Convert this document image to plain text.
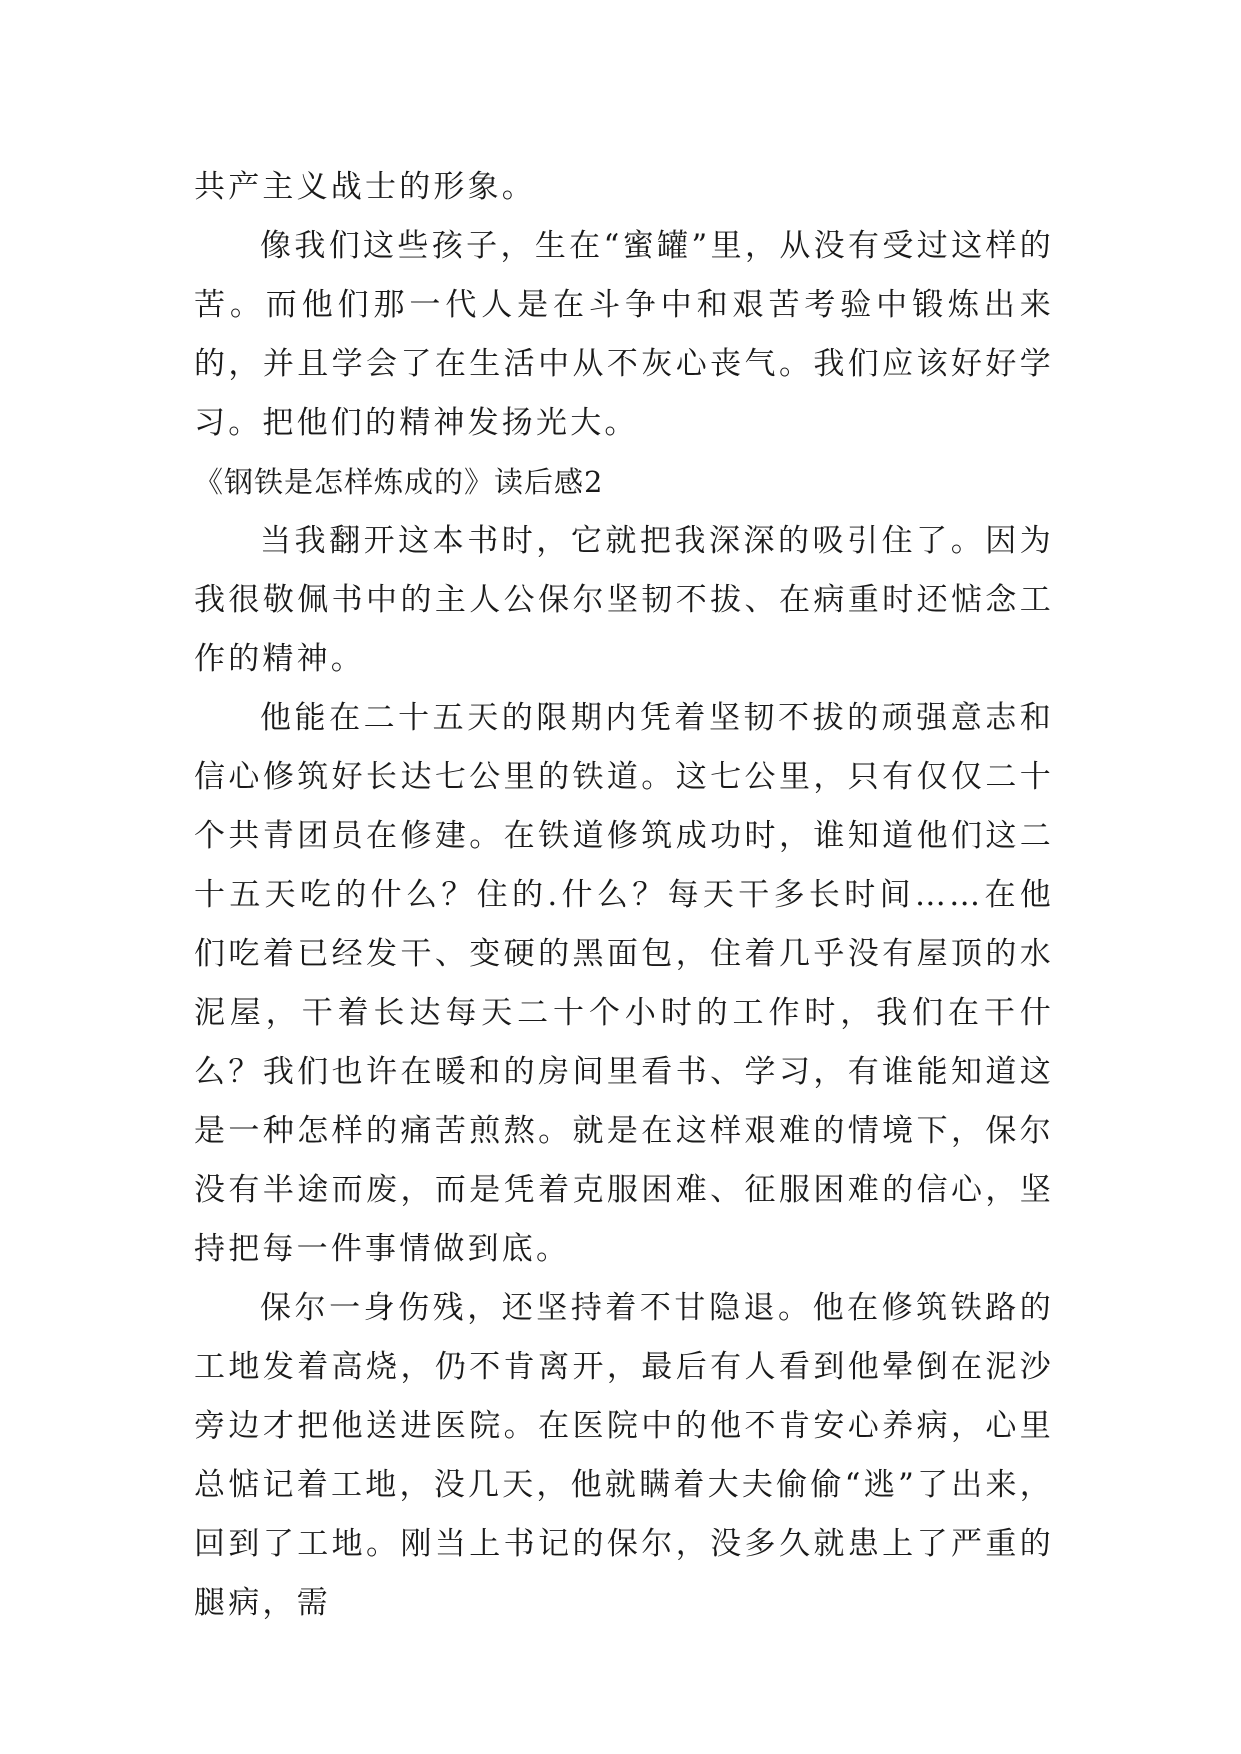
共产主义战士的形象。

像我们这些孩子，生在“蜜罐”里，从没有受过这样的苦。而他们那一代人是在斗争中和艰苦考验中锻炼出来的，并且学会了在生活中从不灰心丧气。我们应该好好学习。把他们的精神发扬光大。

《钢铁是怎样炼成的》读后感2

当我翻开这本书时，它就把我深深的吸引住了。因为我很敬佩书中的主人公保尔坚韧不拔、在病重时还惦念工作的精神。

他能在二十五天的限期内凭着坚韧不拔的顽强意志和信心修筑好长达七公里的铁道。这七公里，只有仅仅二十个共青团员在修建。在铁道修筑成功时，谁知道他们这二十五天吃的什么？住的.什么？每天干多长时间……在他们吃着已经发干、变硬的黑面包，住着几乎没有屋顶的水泥屋，干着长达每天二十个小时的工作时，我们在干什么？我们也许在暖和的房间里看书、学习，有谁能知道这是一种怎样的痛苦煎熬。就是在这样艰难的情境下，保尔没有半途而废，而是凭着克服困难、征服困难的信心，坚持把每一件事情做到底。

保尔一身伤残，还坚持着不甘隐退。他在修筑铁路的工地发着高烧，仍不肯离开，最后有人看到他晕倒在泥沙旁边才把他送进医院。在医院中的他不肯安心养病，心里总惦记着工地，没几天，他就瞒着大夫偷偷“逃”了出来，回到了工地。刚当上书记的保尔，没多久就患上了严重的腿病，需
